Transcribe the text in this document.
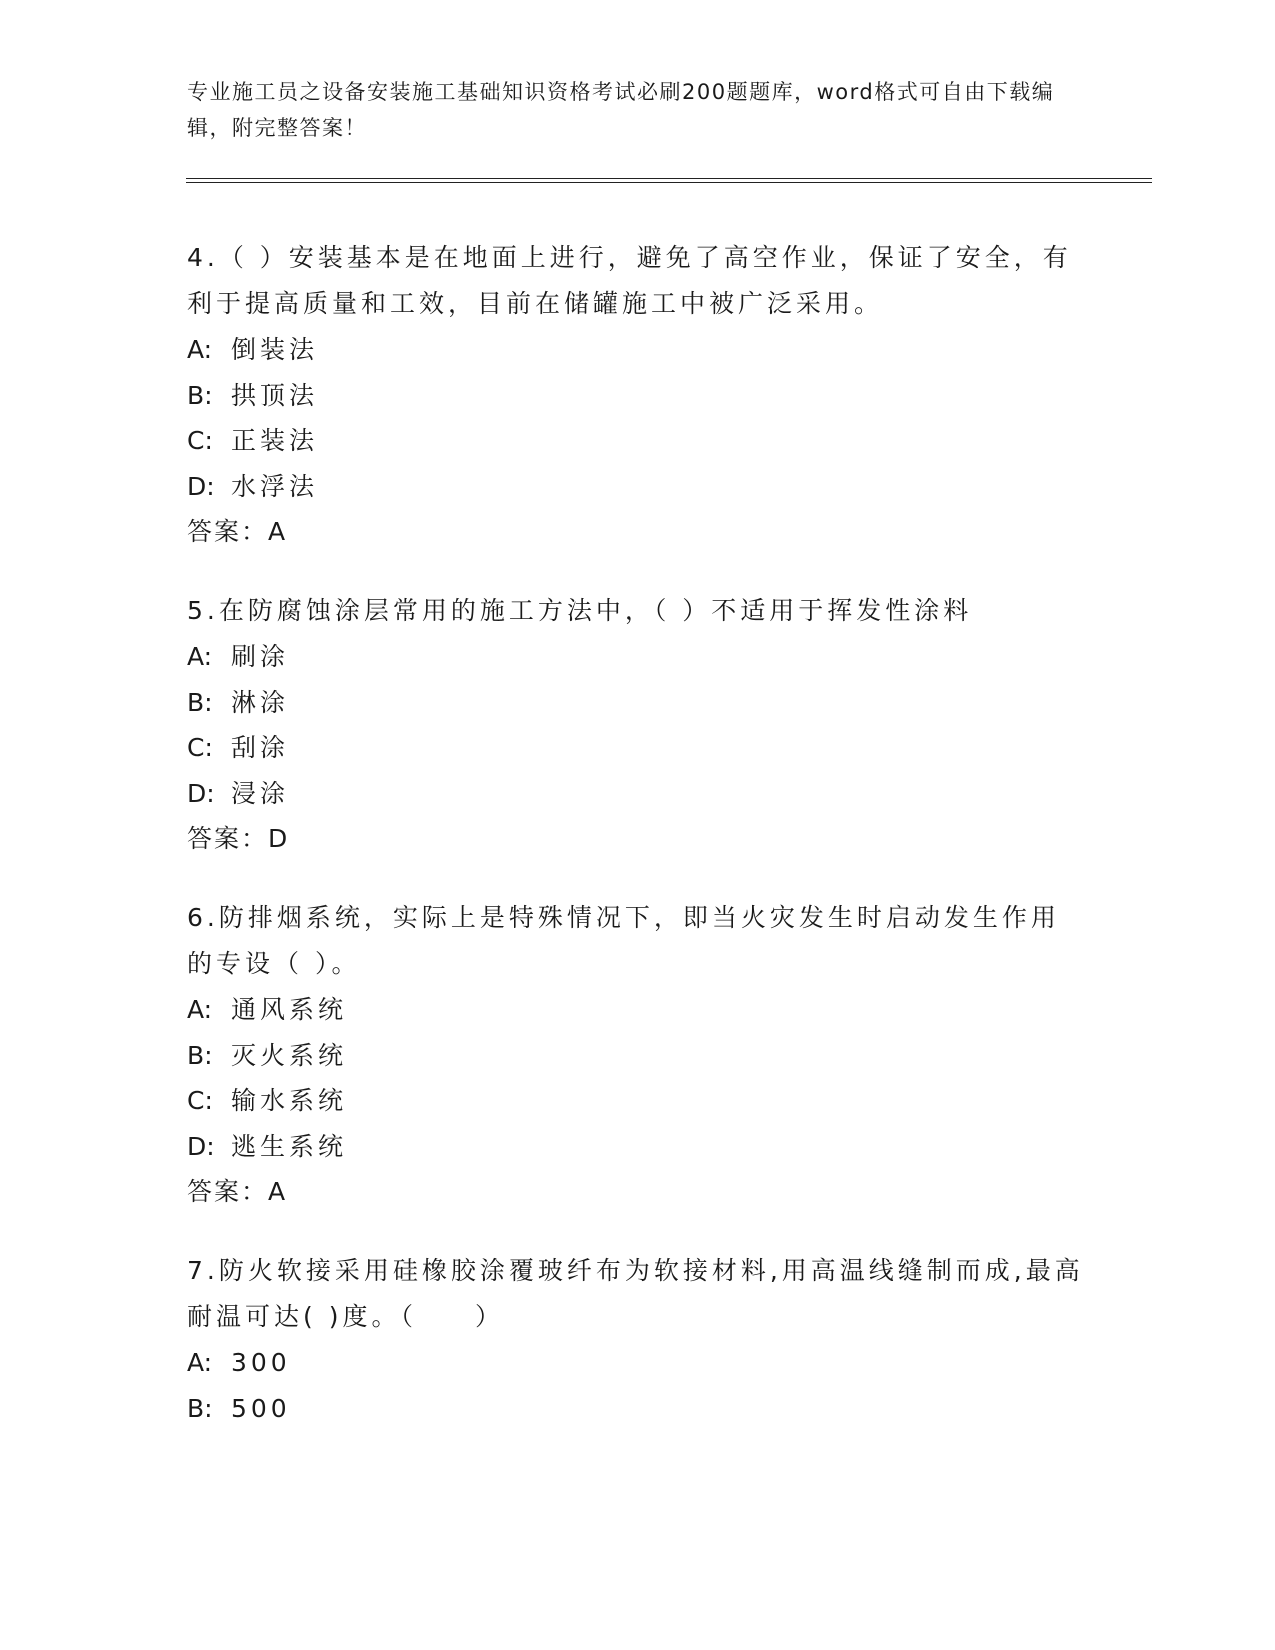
专业施工员之设备安装施工基础知识资格考试必刷200题题库，word格式可自由下载编辑，附完整答案！
4.（ ）安装基本是在地面上进行，避免了高空作业，保证了安全，有利于提高质量和工效，目前在储罐施工中被广泛采用。
A: 倒装法
B: 拱顶法
C: 正装法
D: 水浮法
答案：A
5.在防腐蚀涂层常用的施工方法中，（ ）不适用于挥发性涂料
A: 刷涂
B: 淋涂
C: 刮涂
D: 浸涂
答案：D
6.防排烟系统，实际上是特殊情况下，即当火灾发生时启动发生作用的专设（ ）。
A: 通风系统
B: 灭火系统
C: 输水系统
D: 逃生系统
答案：A
7.防火软接采用硅橡胶涂覆玻纤布为软接材料,用高温线缝制而成,最高耐温可达( )度。（　　）
A: 300
B: 500
